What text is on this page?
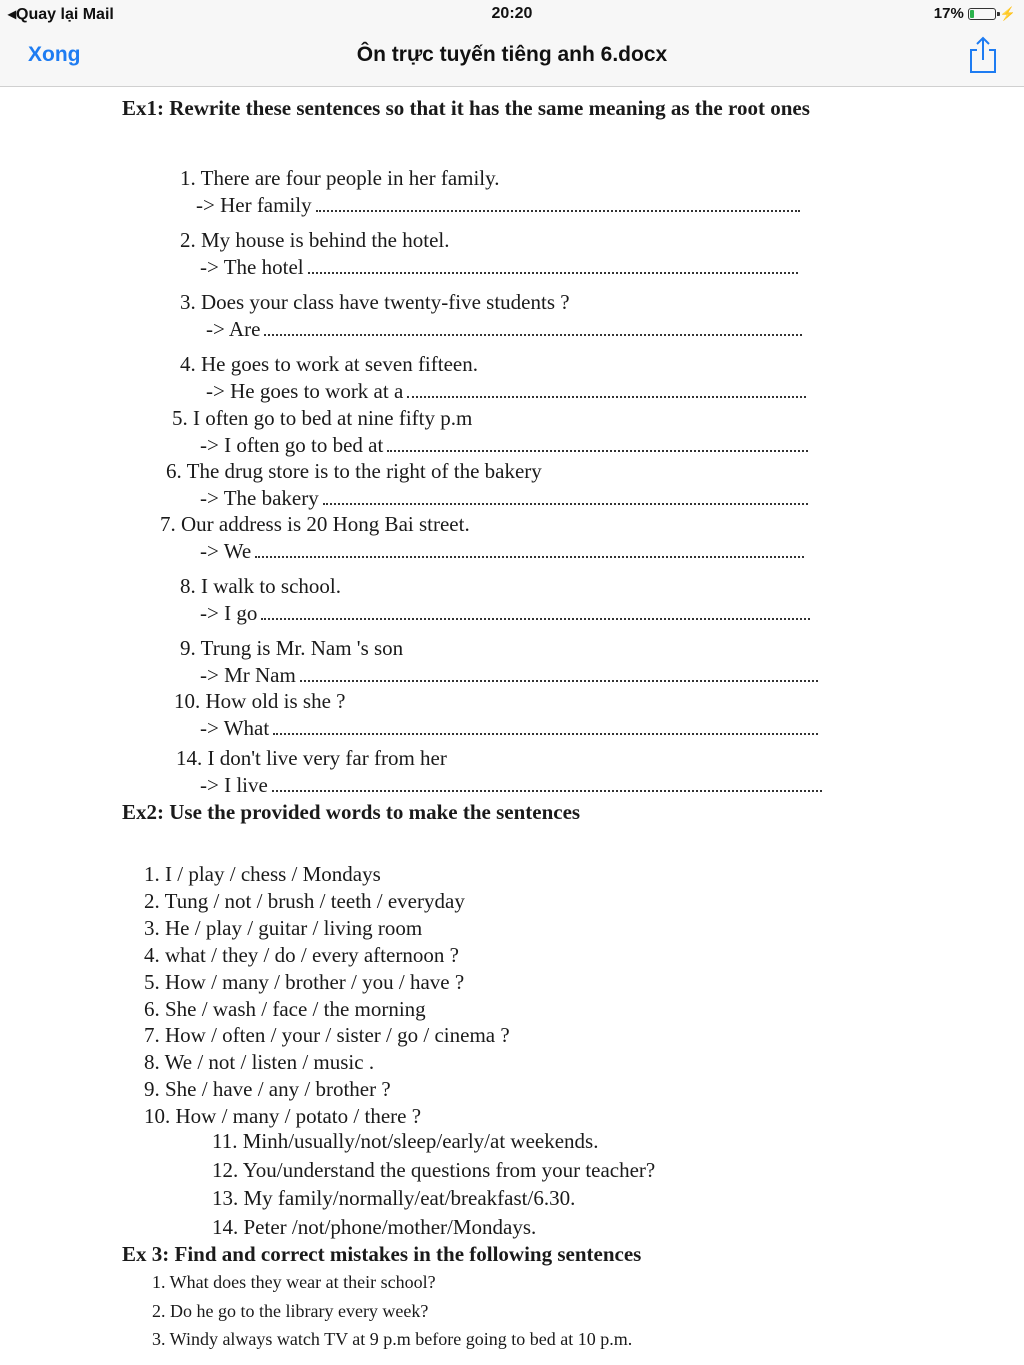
◂Quay lại Mail	20:20	17%	⚡
Xong	Ôn trực tuyến tiêng anh 6.docx
Ex1: Rewrite these sentences so that it has the same meaning as the root ones
1. There are four people in her family.
-> Her family
2. My house is behind the hotel.
-> The hotel
3. Does your class have twenty-five students ?
-> Are
4. He goes to work at seven fifteen.
-> He goes to work at a
5. I often go to bed at nine fifty p.m
-> I often go to bed at
6. The drug store is to the right of the bakery
-> The bakery
7. Our address is 20 Hong Bai street.
-> We
8. I walk to school.
-> I go
9. Trung is Mr. Nam 's son
-> Mr Nam
10. How old is she ?
-> What
14. I don't live very far from her
-> I live
Ex2: Use the provided words to make the sentences
1. I / play / chess / Mondays
2. Tung / not / brush / teeth / everyday
3. He / play / guitar / living room
4. what / they / do / every afternoon ?
5. How / many / brother / you / have ?
6. She / wash / face / the morning
7. How / often / your / sister / go / cinema ?
8. We / not / listen / music .
9. She / have / any / brother ?
10. How / many / potato / there ?
11. Minh/usually/not/sleep/early/at weekends.
12. You/understand the questions from your teacher?
13. My family/normally/eat/breakfast/6.30.
14. Peter /not/phone/mother/Mondays.
Ex 3: Find and correct mistakes in the following sentences
1. What does they wear at their school?
2. Do he go to the library every week?
3. Windy always watch TV at 9 p.m before going to bed at 10 p.m.
